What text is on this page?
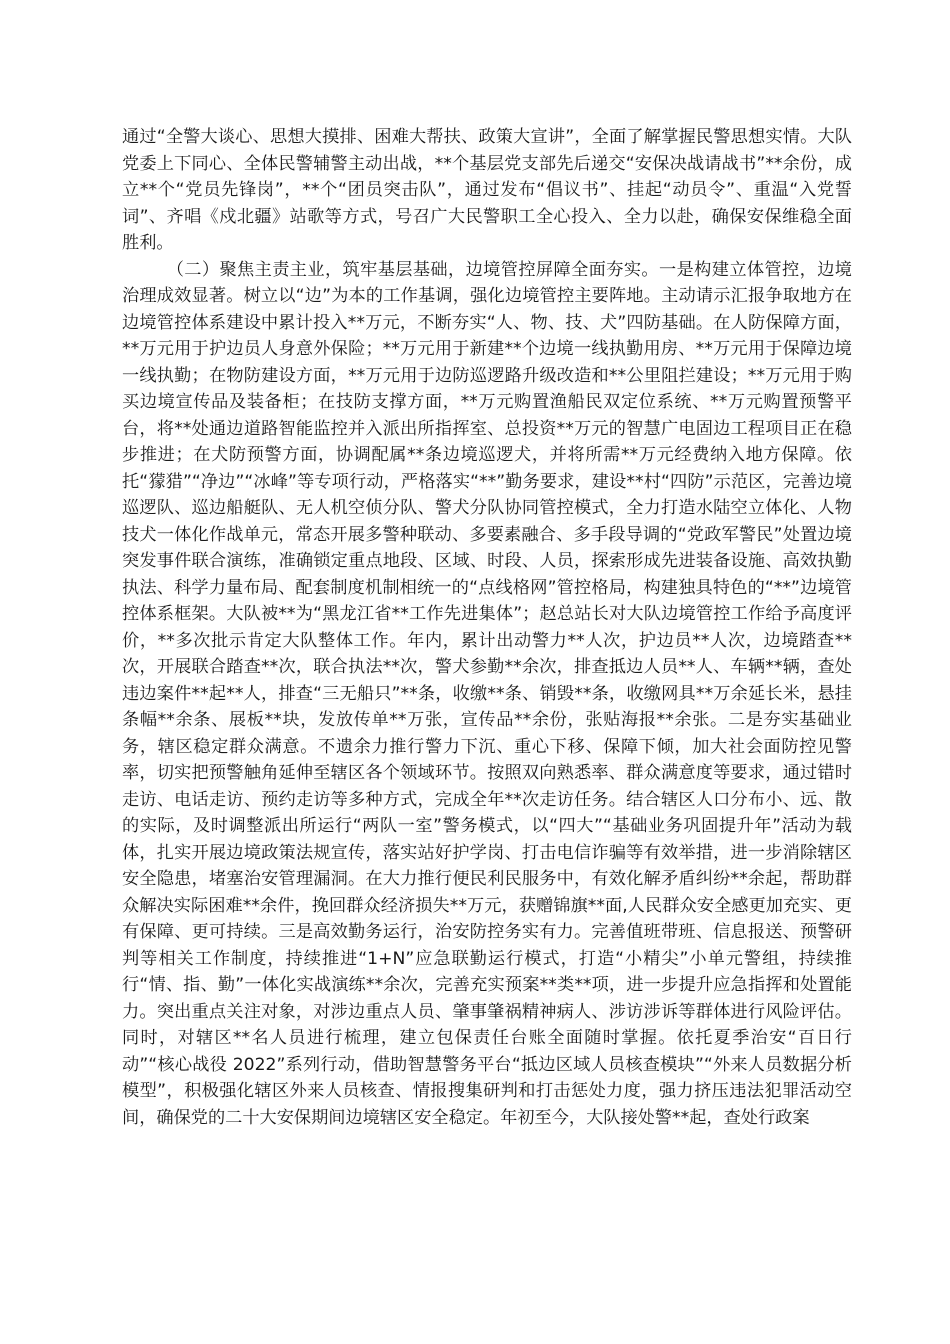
通过“全警大谈心、思想大摸排、困难大帮扶、政策大宣讲”，全面了解掌握民警思想实情。大队党委上下同心、全体民警辅警主动出战，**个基层党支部先后递交“安保决战请战书”**余份，成立**个“党员先锋岗”，**个“团员突击队”，通过发布“倡议书”、挂起“动员令”、重温“入党誓词”、齐唱《戍北疆》站歌等方式，号召广大民警职工全心投入、全力以赴，确保安保维稳全面胜利。

（二）聚焦主责主业，筑牢基层基础，边境管控屏障全面夯实。一是构建立体管控，边境治理成效显著。树立以“边”为本的工作基调，强化边境管控主要阵地。主动请示汇报争取地方在边境管控体系建设中累计投入**万元，不断夯实“人、物、技、犬”四防基础。在人防保障方面，**万元用于护边员人身意外保险；**万元用于新建**个边境一线执勤用房、**万元用于保障边境一线执勤；在物防建设方面，**万元用于边防巡逻路升级改造和**公里阻拦建设；**万元用于购买边境宣传品及装备柜；在技防支撑方面，**万元购置渔船民双定位系统、**万元购置预警平台，将**处通边道路智能监控并入派出所指挥室、总投资**万元的智慧广电固边工程项目正在稳步推进；在犬防预警方面，协调配属**条边境巡逻犬，并将所需**万元经费纳入地方保障。依托“獴猎”“净边”“冰峰”等专项行动，严格落实“**”勤务要求，建设**村“四防”示范区，完善边境巡逻队、巡边船艇队、无人机空侦分队、警犬分队协同管控模式，全力打造水陆空立体化、人物技犬一体化作战单元，常态开展多警种联动、多要素融合、多手段导调的“党政军警民”处置边境突发事件联合演练，准确锁定重点地段、区域、时段、人员，探索形成先进装备设施、高效执勤执法、科学力量布局、配套制度机制相统一的“点线格网”管控格局，构建独具特色的“**”边境管控体系框架。大队被**为“黑龙江省**工作先进集体”；赵总站长对大队边境管控工作给予高度评价，**多次批示肯定大队整体工作。年内，累计出动警力**人次，护边员**人次，边境踏查**次，开展联合踏查**次，联合执法**次，警犬参勤**余次，排查抵边人员**人、车辆**辆，查处违边案件**起**人，排查“三无船只”**条，收缴**条、销毁**条，收缴网具**万余延长米，悬挂条幅**余条、展板**块，发放传单**万张，宣传品**余份，张贴海报**余张。二是夯实基础业务，辖区稳定群众满意。不遗余力推行警力下沉、重心下移、保障下倾，加大社会面防控见警率，切实把预警触角延伸至辖区各个领域环节。按照双向熟悉率、群众满意度等要求，通过错时走访、电话走访、预约走访等多种方式，完成全年**次走访任务。结合辖区人口分布小、远、散的实际，及时调整派出所运行“两队一室”警务模式，以“四大”“基础业务巩固提升年”活动为载体，扎实开展边境政策法规宣传，落实站好护学岗、打击电信诈骗等有效举措，进一步消除辖区安全隐患，堵塞治安管理漏洞。在大力推行便民利民服务中，有效化解矛盾纠纷**余起，帮助群众解决实际困难**余件，挽回群众经济损失**万元，获赠锦旗**面,人民群众安全感更加充实、更有保障、更可持续。三是高效勤务运行，治安防控务实有力。完善值班带班、信息报送、预警研判等相关工作制度，持续推进“1+N”应急联勤运行模式，打造“小精尖”小单元警组，持续推行“情、指、勤”一体化实战演练**余次，完善充实预案**类**项，进一步提升应急指挥和处置能力。突出重点关注对象，对涉边重点人员、肇事肇祸精神病人、涉访涉诉等群体进行风险评估。同时，对辖区**名人员进行梳理，建立包保责任台账全面随时掌握。依托夏季治安“百日行动”“核心战役 2022”系列行动，借助智慧警务平台“抵边区域人员核查模块”“外来人员数据分析模型”，积极强化辖区外来人员核查、情报搜集研判和打击惩处力度，强力挤压违法犯罪活动空间，确保党的二十大安保期间边境辖区安全稳定。年初至今，大队接处警**起，查处行政案
